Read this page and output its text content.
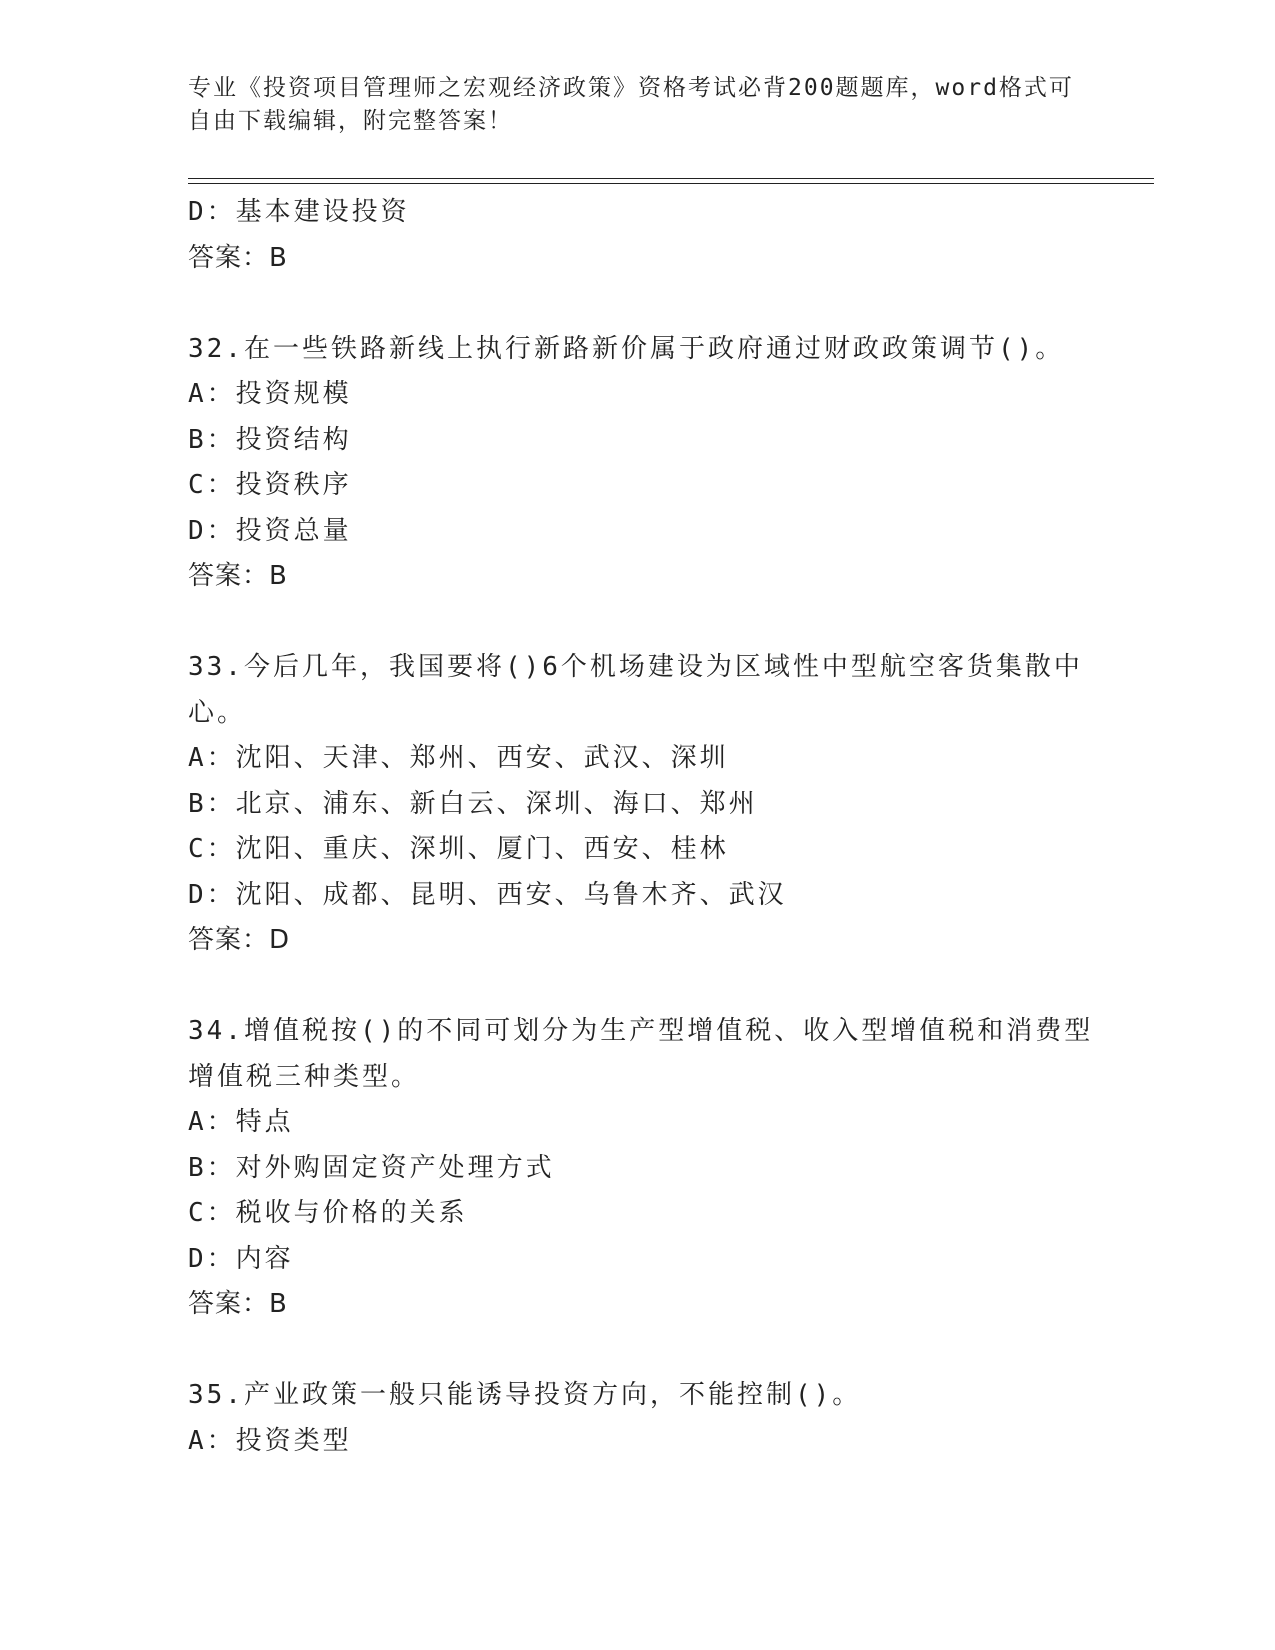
专业《投资项目管理师之宏观经济政策》资格考试必背200题题库，word格式可
自由下载编辑，附完整答案！
D：基本建设投资
答案：B
32.在一些铁路新线上执行新路新价属于政府通过财政政策调节()。
A：投资规模
B：投资结构
C：投资秩序
D：投资总量
答案：B
33.今后几年，我国要将()6个机场建设为区域性中型航空客货集散中
心。
A：沈阳、天津、郑州、西安、武汉、深圳
B：北京、浦东、新白云、深圳、海口、郑州
C：沈阳、重庆、深圳、厦门、西安、桂林
D：沈阳、成都、昆明、西安、乌鲁木齐、武汉
答案：D
34.增值税按()的不同可划分为生产型增值税、收入型增值税和消费型
增值税三种类型。
A：特点
B：对外购固定资产处理方式
C：税收与价格的关系
D：内容
答案：B
35.产业政策一般只能诱导投资方向，不能控制()。
A：投资类型
